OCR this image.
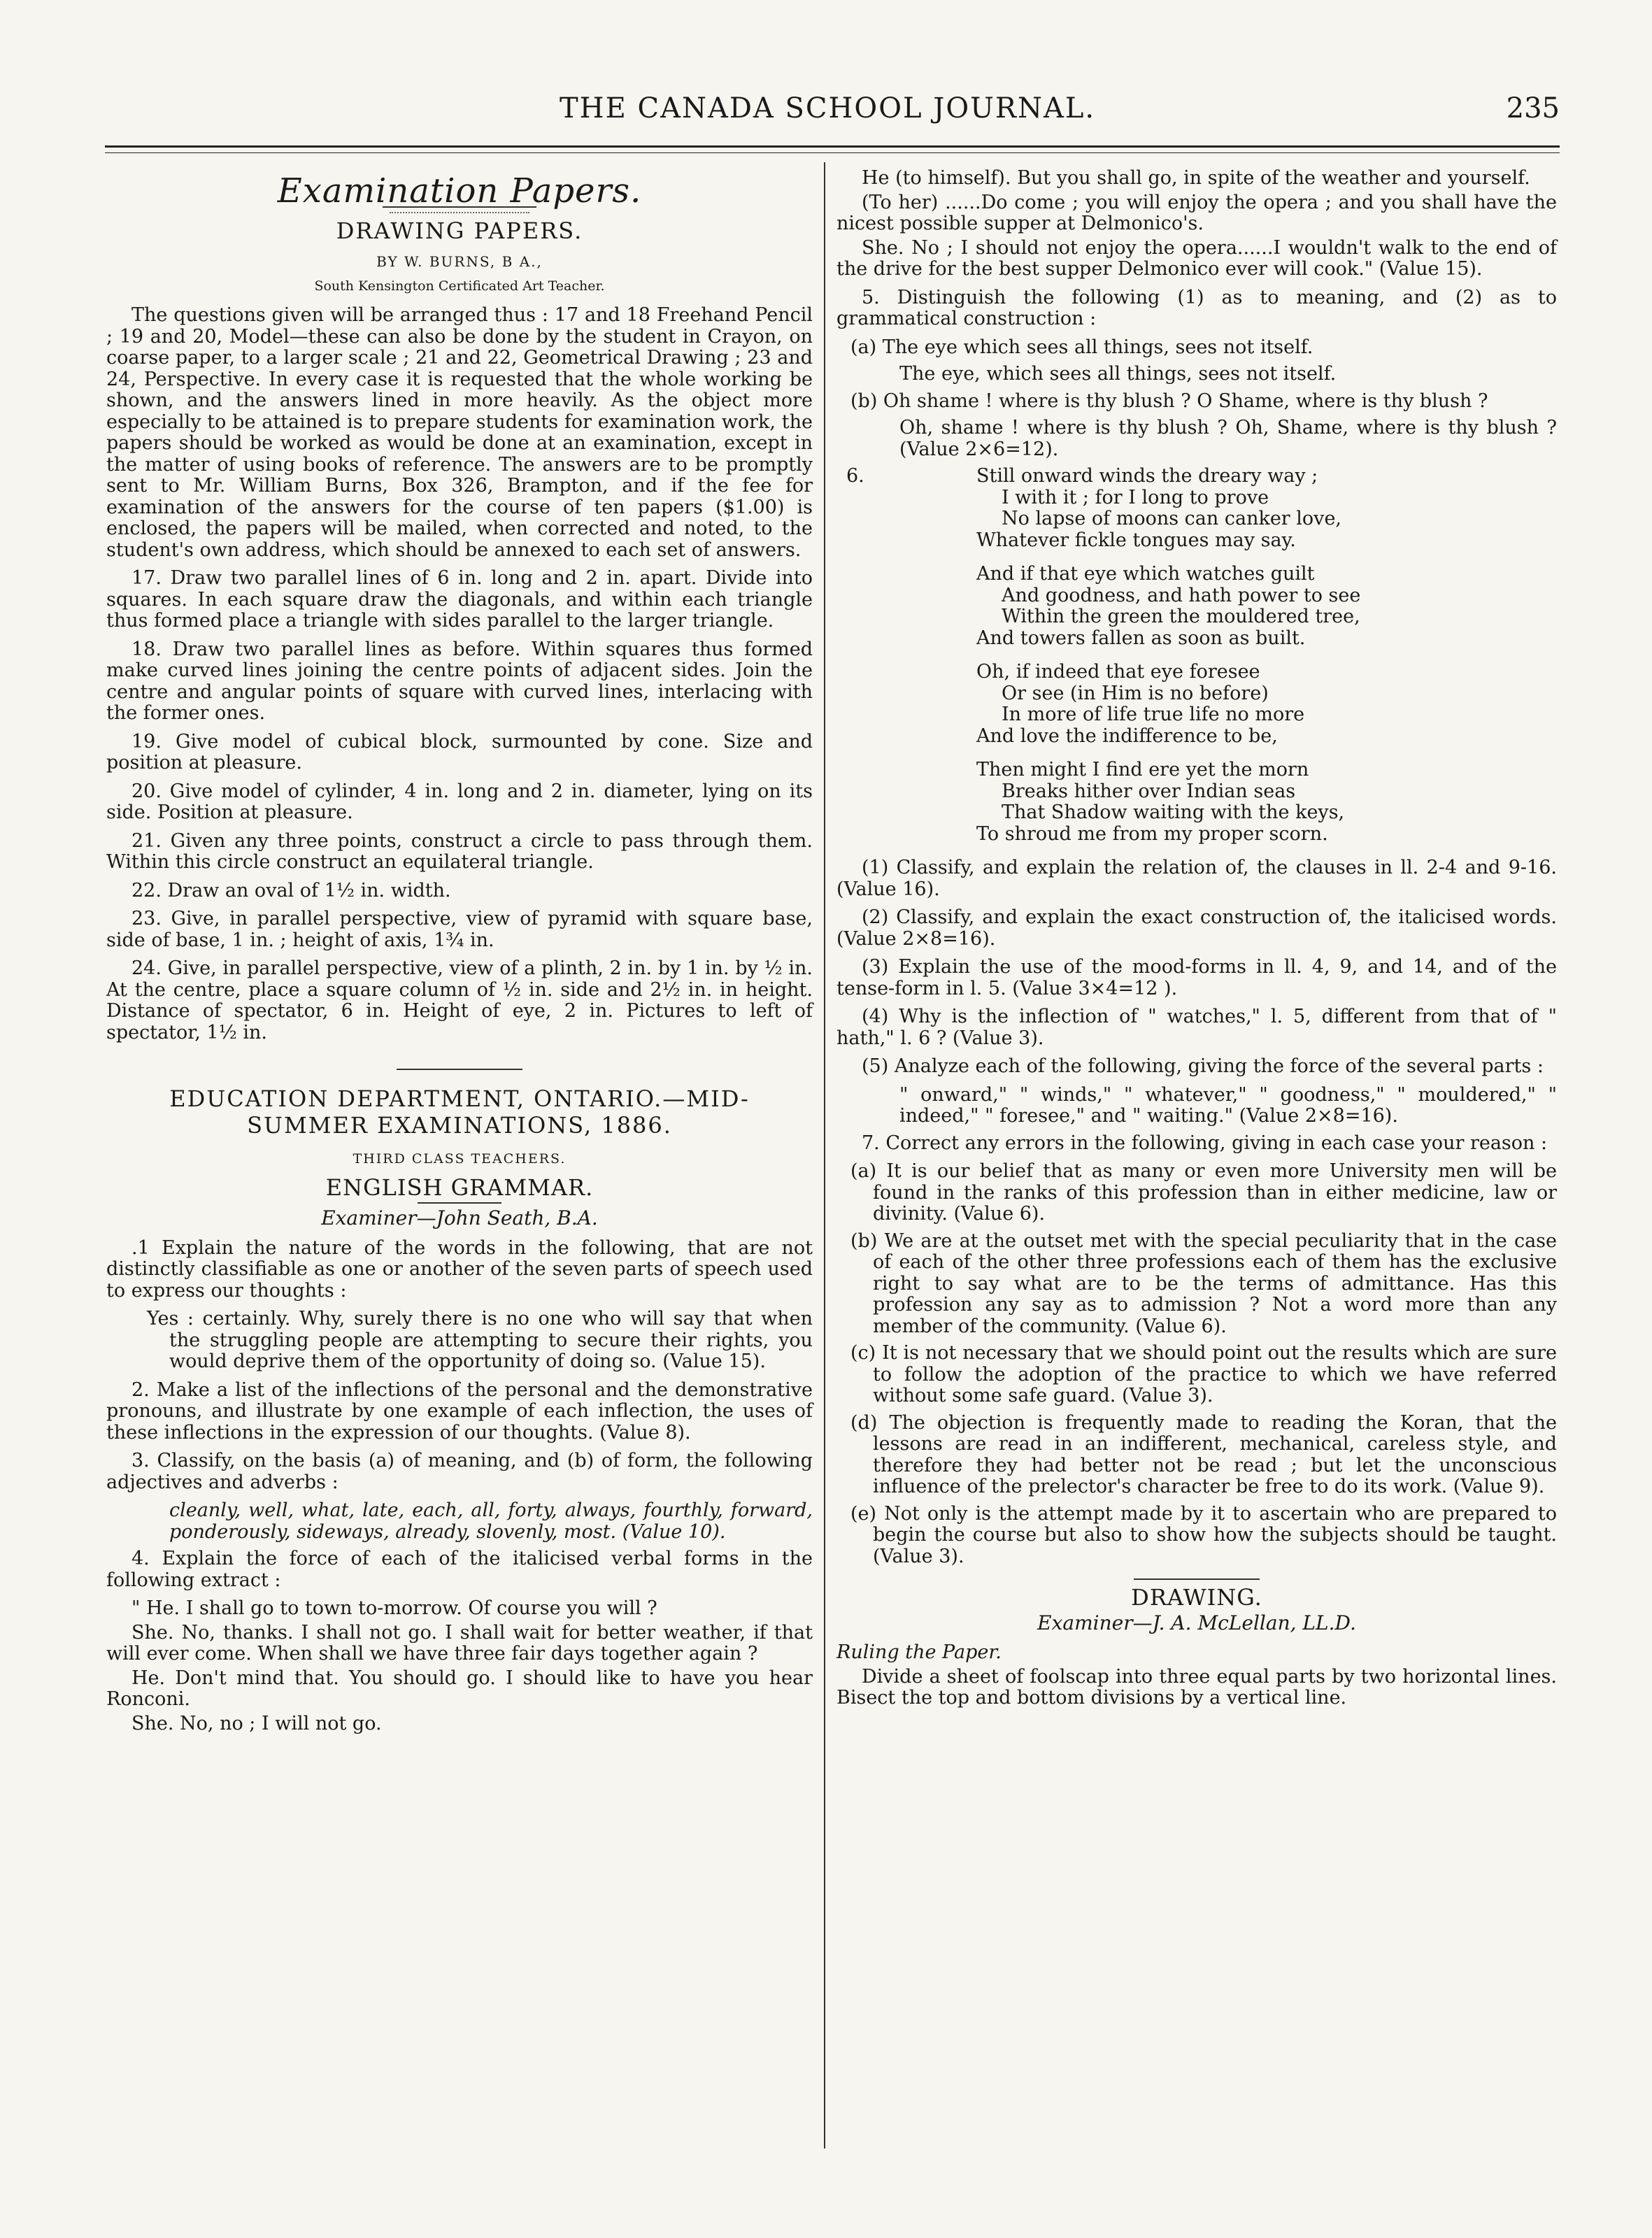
THE CANADA SCHOOL JOURNAL.	235
Examination Papers.
DRAWING PAPERS.
BY W. BURNS, B A.,
South Kensington Certificated Art Teacher.

The questions given will be arranged thus : 17 and 18 Freehand Pencil ; 19 and 20, Model—these can also be done by the student in Crayon, on coarse paper, to a larger scale ; 21 and 22, Geometrical Drawing ; 23 and 24, Perspective. In every case it is requested that the whole working be shown, and the answers lined in more heavily. As the object more especially to be attained is to prepare students for examination work, the papers should be worked as would be done at an examination, except in the matter of using books of reference. The answers are to be promptly sent to Mr. William Burns, Box 326, Brampton, and if the fee for examination of the answers for the course of ten papers ($1.00) is enclosed, the papers will be mailed, when corrected and noted, to the student's own address, which should be annexed to each set of answers.

17. Draw two parallel lines of 6 in. long and 2 in. apart. Divide into squares. In each square draw the diagonals, and within each triangle thus formed place a triangle with sides parallel to the larger triangle.

18. Draw two parallel lines as before. Within squares thus formed make curved lines joining the centre points of adjacent sides. Join the centre and angular points of square with curved lines, interlacing with the former ones.

19. Give model of cubical block, surmounted by cone. Size and position at pleasure.

20. Give model of cylinder, 4 in. long and 2 in. diameter, lying on its side. Position at pleasure.

21. Given any three points, construct a circle to pass through them. Within this circle construct an equilateral triangle.

22. Draw an oval of 1½ in. width.

23. Give, in parallel perspective, view of pyramid with square base, side of base, 1 in. ; height of axis, 1¾ in.

24. Give, in parallel perspective, view of a plinth, 2 in. by 1 in. by ½ in. At the centre, place a square column of ½ in. side and 2½ in. in height. Distance of spectator, 6 in. Height of eye, 2 in. Pictures to left of spectator, 1½ in.

EDUCATION DEPARTMENT, ONTARIO.—MID-
SUMMER EXAMINATIONS, 1886.
THIRD CLASS TEACHERS.
ENGLISH GRAMMAR.
Examiner—John Seath, B.A.

.1 Explain the nature of the words in the following, that are not distinctly classifiable as one or another of the seven parts of speech used to express our thoughts :

Yes : certainly. Why, surely there is no one who will say that when the struggling people are attempting to secure their rights, you would deprive them of the opportunity of doing so. (Value 15).

2. Make a list of the inflections of the personal and the demonstrative pronouns, and illustrate by one example of each inflection, the uses of these inflections in the expression of our thoughts. (Value 8).

3. Classify, on the basis (a) of meaning, and (b) of form, the following adjectives and adverbs :

cleanly, well, what, late, each, all, forty, always, fourthly, forward, ponderously, sideways, already, slovenly, most. (Value 10).

4. Explain the force of each of the italicised verbal forms in the following extract :

" He. I shall go to town to-morrow. Of course you will ?

She. No, thanks. I shall not go. I shall wait for better weather, if that will ever come. When shall we have three fair days together again ?

He. Don't mind that. You should go. I should like to have you hear Ronconi.

She. No, no ; I will not go.

He (to himself). But you shall go, in spite of the weather and yourself.

(To her) ......Do come ; you will enjoy the opera ; and you shall have the nicest possible supper at Delmonico's.

She. No ; I should not enjoy the opera......I wouldn't walk to the end of the drive for the best supper Delmonico ever will cook." (Value 15).

5. Distinguish the following (1) as to meaning, and (2) as to grammatical construction :

(a) The eye which sees all things, sees not itself.
The eye, which sees all things, sees not itself.
(b) Oh shame ! where is thy blush ? O Shame, where is thy blush ?
Oh, shame ! where is thy blush ? Oh, Shame, where is thy blush ? (Value 2×6=12).
6.	Still onward winds the dreary way ;
I with it ; for I long to prove
No lapse of moons can canker love,
Whatever fickle tongues may say.
And if that eye which watches guilt
And goodness, and hath power to see
Within the green the mouldered tree,
And towers fallen as soon as built.
Oh, if indeed that eye foresee
Or see (in Him is no before)
In more of life true life no more
And love the indifference to be,
Then might I find ere yet the morn
Breaks hither over Indian seas
That Shadow waiting with the keys,
To shroud me from my proper scorn.

(1) Classify, and explain the relation of, the clauses in ll. 2-4 and 9-16. (Value 16).

(2) Classify, and explain the exact construction of, the italicised words. (Value 2×8=16).

(3) Explain the use of the mood-forms in ll. 4, 9, and 14, and of the tense-form in l. 5. (Value 3×4=12 ).

(4) Why is the inflection of " watches," l. 5, different from that of " hath," l. 6 ? (Value 3).

(5) Analyze each of the following, giving the force of the several parts :

" onward," " winds," " whatever," " goodness," " mouldered," " indeed," " foresee," and " waiting." (Value 2×8=16).

7. Correct any errors in the following, giving in each case your reason :

(a) It is our belief that as many or even more University men will be found in the ranks of this profession than in either medicine, law or divinity. (Value 6).
(b) We are at the outset met with the special peculiarity that in the case of each of the other three professions each of them has the exclusive right to say what are to be the terms of admittance. Has this profession any say as to admission ? Not a word more than any member of the community. (Value 6).
(c) It is not necessary that we should point out the results which are sure to follow the adoption of the practice to which we have referred without some safe guard. (Value 3).
(d) The objection is frequently made to reading the Koran, that the lessons are read in an indifferent, mechanical, careless style, and therefore they had better not be read ; but let the unconscious influence of the prelector's character be free to do its work. (Value 9).
(e) Not only is the attempt made by it to ascertain who are prepared to begin the course but also to show how the subjects should be taught. (Value 3).
DRAWING.
Examiner—J. A. McLellan, LL.D.
Ruling the Paper.

Divide a sheet of foolscap into three equal parts by two horizontal lines. Bisect the top and bottom divisions by a vertical line.
